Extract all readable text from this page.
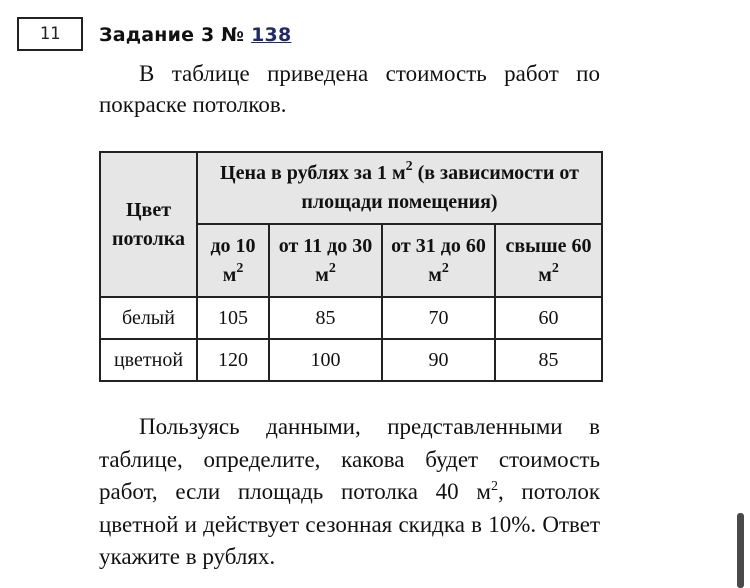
11 Задание 3 № 138

В таблице приведена стоимость работ по покраске потолков.

Цвет потолка	Цена в рублях за 1 $м^2$ (в зависимости от площади помещения)			
	до 10 $м^2$	от 11 до 30 $м^2$	от 31 до 60 $м^2$	свыше 60 $м^2$
белый	105	85	70	60
цветной	120	100	90	85

Пользуясь данными, представленными в таблице, определите, какова будет стоимость работ, если площадь потолка 40 $м^2$, потолок цветной и действует сезонная скидка в 10%. Ответ укажите в рублях.
